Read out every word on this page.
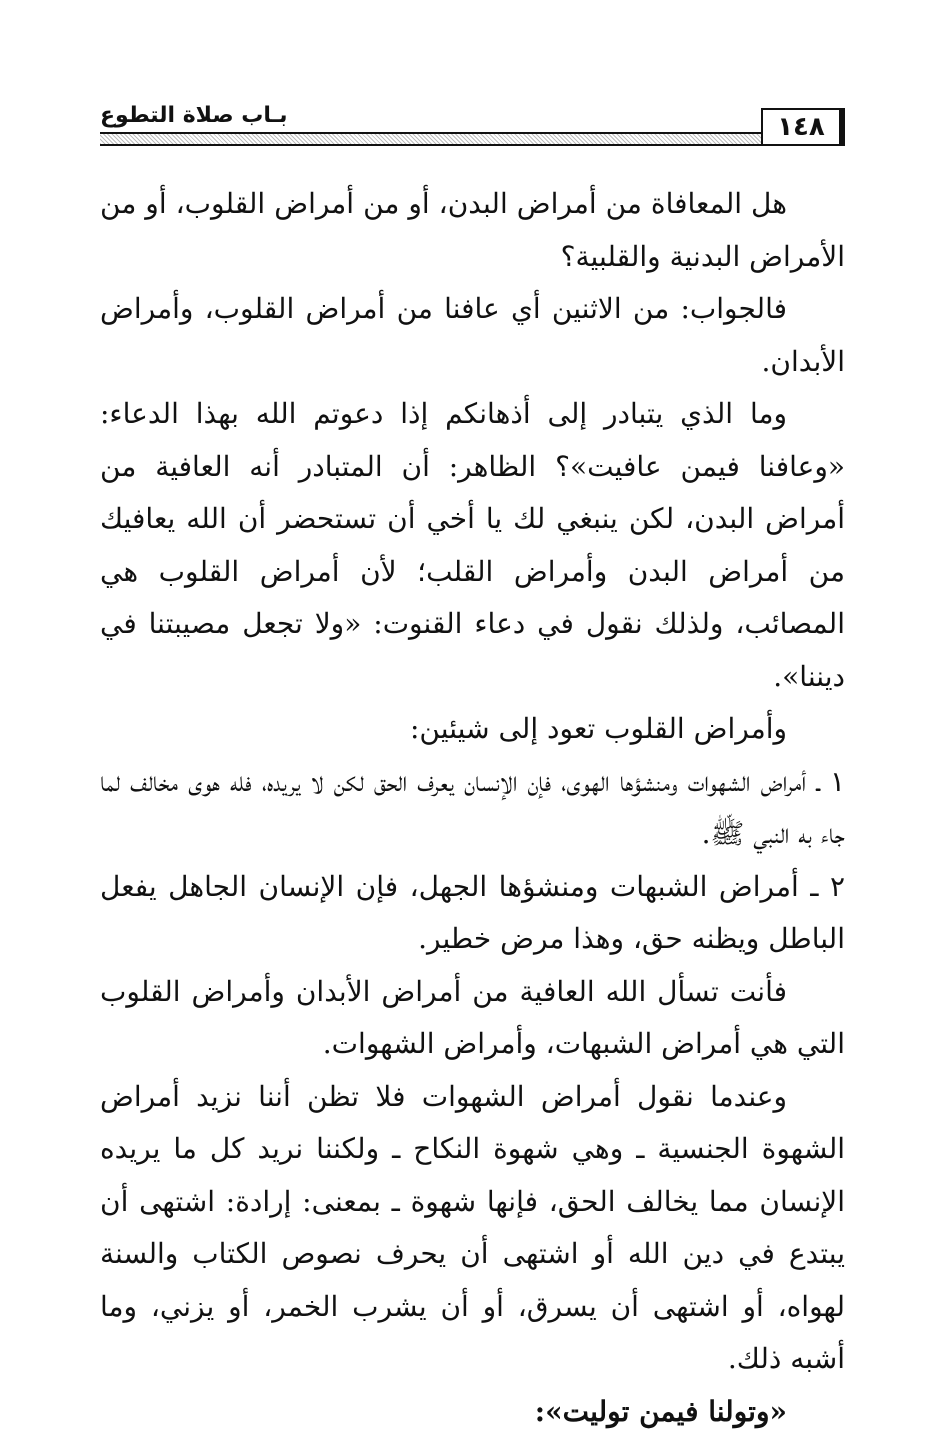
بـاب صلاة التطوع	١٤٨

هل المعافاة من أمراض البدن، أو من أمراض القلوب، أو من الأمراض البدنية والقلبية؟

فالجواب: من الاثنين أي عافنا من أمراض القلوب، وأمراض الأبدان.

وما الذي يتبادر إلى أذهانكم إذا دعوتم الله بهذا الدعاء: «وعافنا فيمن عافيت»؟ الظاهر: أن المتبادر أنه العافية من أمراض البدن، لكن ينبغي لك يا أخي أن تستحضر أن الله يعافيك من أمراض البدن وأمراض القلب؛ لأن أمراض القلوب هي المصائب، ولذلك نقول في دعاء القنوت: «ولا تجعل مصيبتنا في ديننا».

وأمراض القلوب تعود إلى شيئين:

١ ـ أمراض الشهوات ومنشؤها الهوى، فإن الإنسان يعرف الحق لكن لا يريده، فله هوى مخالف لما جاء به النبي ﷺ.

٢ ـ أمراض الشبهات ومنشؤها الجهل، فإن الإنسان الجاهل يفعل الباطل ويظنه حق، وهذا مرض خطير.

فأنت تسأل الله العافية من أمراض الأبدان وأمراض القلوب التي هي أمراض الشبهات، وأمراض الشهوات.

وعندما نقول أمراض الشهوات فلا تظن أننا نزيد أمراض الشهوة الجنسية ـ وهي شهوة النكاح ـ ولكننا نريد كل ما يريده الإنسان مما يخالف الحق، فإنها شهوة ـ بمعنى: إرادة: اشتهى أن يبتدع في دين الله أو اشتهى أن يحرف نصوص الكتاب والسنة لهواه، أو اشتهى أن يسرق، أو أن يشرب الخمر، أو يزني، وما أشبه ذلك.

«وتولنا فيمن توليت»:
